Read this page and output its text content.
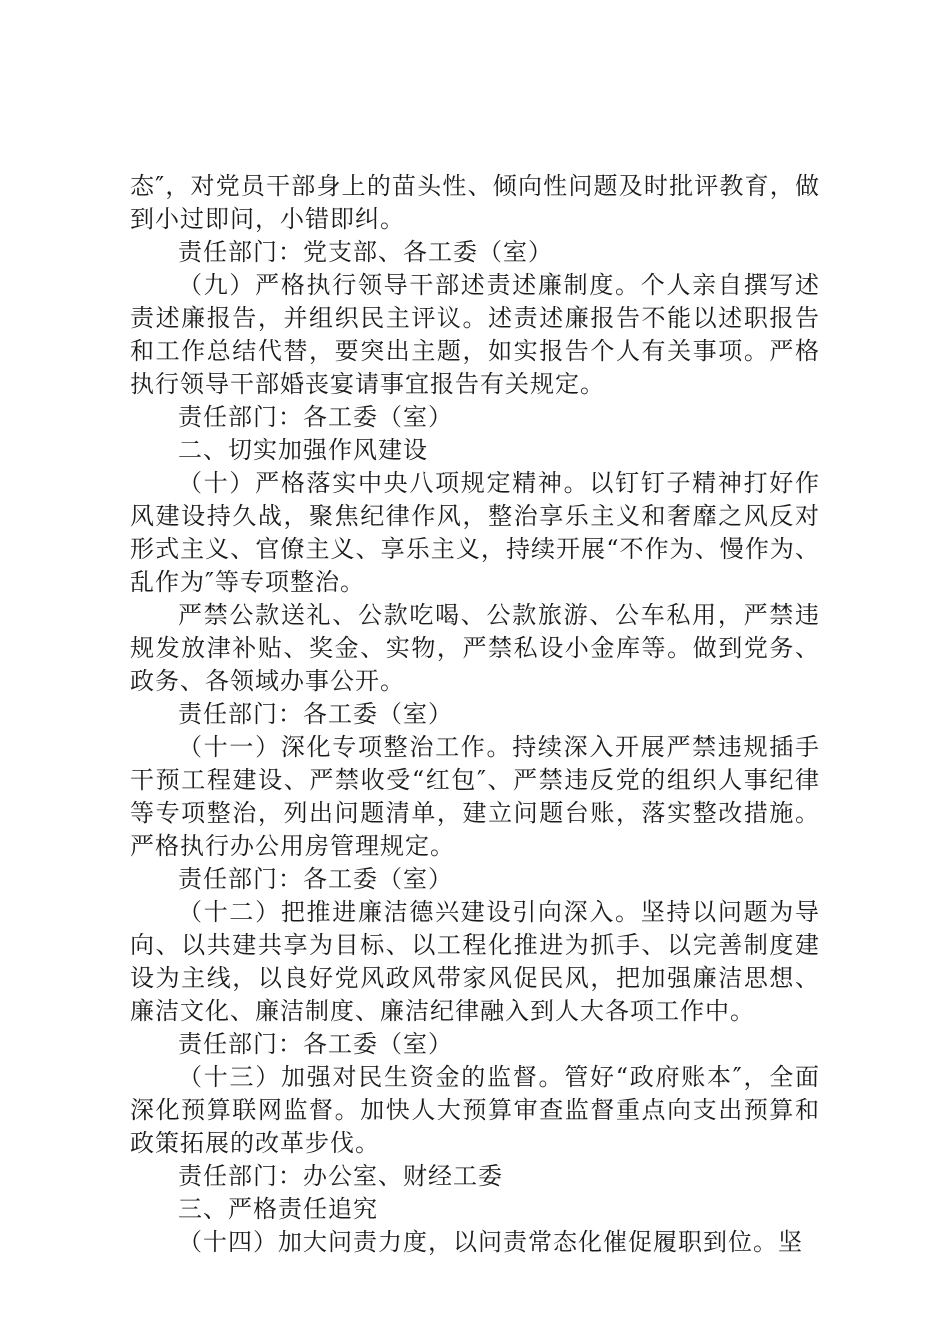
态″，对党员干部身上的苗头性、倾向性问题及时批评教育，做到小过即问，小错即纠。

责任部门：党支部、各工委（室）

（九）严格执行领导干部述责述廉制度。个人亲自撰写述责述廉报告，并组织民主评议。述责述廉报告不能以述职报告和工作总结代替，要突出主题，如实报告个人有关事项。严格执行领导干部婚丧宴请事宜报告有关规定。

责任部门：各工委（室）

二、切实加强作风建设

（十）严格落实中央八项规定精神。以钉钉子精神打好作风建设持久战，聚焦纪律作风，整治享乐主义和奢靡之风反对形式主义、官僚主义、享乐主义，持续开展“不作为、慢作为、乱作为″等专项整治。

严禁公款送礼、公款吃喝、公款旅游、公车私用，严禁违规发放津补贴、奖金、实物，严禁私设小金库等。做到党务、政务、各领域办事公开。

责任部门：各工委（室）

（十一）深化专项整治工作。持续深入开展严禁违规插手干预工程建设、严禁收受“红包″、严禁违反党的组织人事纪律等专项整治，列出问题清单，建立问题台账，落实整改措施。严格执行办公用房管理规定。

责任部门：各工委（室）

（十二）把推进廉洁德兴建设引向深入。坚持以问题为导向、以共建共享为目标、以工程化推进为抓手、以完善制度建设为主线，以良好党风政风带家风促民风，把加强廉洁思想、廉洁文化、廉洁制度、廉洁纪律融入到人大各项工作中。

责任部门：各工委（室）

（十三）加强对民生资金的监督。管好“政府账本″，全面深化预算联网监督。加快人大预算审查监督重点向支出预算和政策拓展的改革步伐。

责任部门：办公室、财经工委

三、严格责任追究

（十四）加大问责力度，以问责常态化催促履职到位。坚
